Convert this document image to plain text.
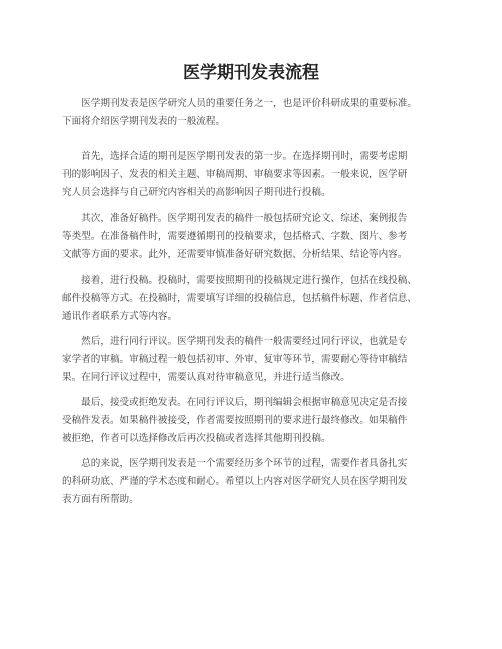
医学期刊发表流程
　　医学期刊发表是医学研究人员的重要任务之一，也是评价科研成果的重要标准。
下面将介绍医学期刊发表的一般流程。
　　首先，选择合适的期刊是医学期刊发表的第一步。在选择期刊时，需要考虑期
刊的影响因子、发表的相关主题、审稿周期、审稿要求等因素。一般来说，医学研
究人员会选择与自己研究内容相关的高影响因子期刊进行投稿。
　　其次，准备好稿件。医学期刊发表的稿件一般包括研究论文、综述、案例报告
等类型。在准备稿件时，需要遵循期刊的投稿要求，包括格式、字数、图片、参考
文献等方面的要求。此外，还需要审慎准备好研究数据、分析结果、结论等内容。
　　接着，进行投稿。投稿时，需要按照期刊的投稿规定进行操作，包括在线投稿、
邮件投稿等方式。在投稿时，需要填写详细的投稿信息，包括稿件标题、作者信息、
通讯作者联系方式等内容。
　　然后，进行同行评议。医学期刊发表的稿件一般需要经过同行评议，也就是专
家学者的审稿。审稿过程一般包括初审、外审、复审等环节，需要耐心等待审稿结
果。在同行评议过程中，需要认真对待审稿意见，并进行适当修改。
　　最后，接受或拒绝发表。在同行评议后，期刊编辑会根据审稿意见决定是否接
受稿件发表。如果稿件被接受，作者需要按照期刊的要求进行最终修改。如果稿件
被拒绝，作者可以选择修改后再次投稿或者选择其他期刊投稿。
　　总的来说，医学期刊发表是一个需要经历多个环节的过程，需要作者具备扎实
的科研功底、严谨的学术态度和耐心。希望以上内容对医学研究人员在医学期刊发
表方面有所帮助。
